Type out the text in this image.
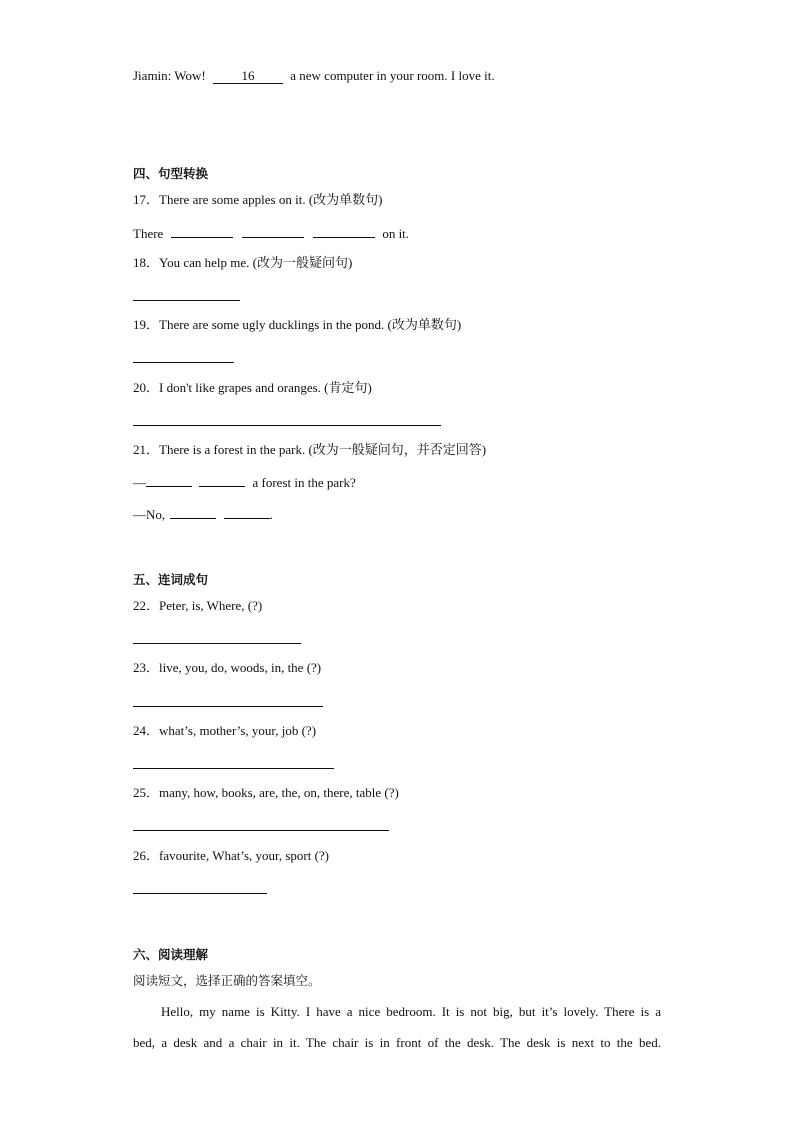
Jiamin: Wow!	16	a new computer in your room. I love it.
四、句型转换
17．There are some apples on it. (改为单数句)
There	on it.
18．You can help me. (改为一般疑问句)
19．There are some ugly ducklings in the pond. (改为单数句)
20．I don't like grapes and oranges. (肯定句)
21．There is a forest in the park. (改为一般疑问句，并否定回答)
—	a forest in the park?
—No,	.
五、连词成句
22．Peter, is, Where, (?)
23．live, you, do, woods, in, the (?)
24．what’s, mother’s, your, job (?)
25．many, how, books, are, the, on, there, table (?)
26．favourite, What’s, your, sport (?)
六、阅读理解
阅读短文，选择正确的答案填空。
Hello, my name is Kitty. I have a nice bedroom. It is not big, but it’s lovely. There is a
bed, a desk and a chair in it. The chair is in front of the desk. The desk is next to the bed.
